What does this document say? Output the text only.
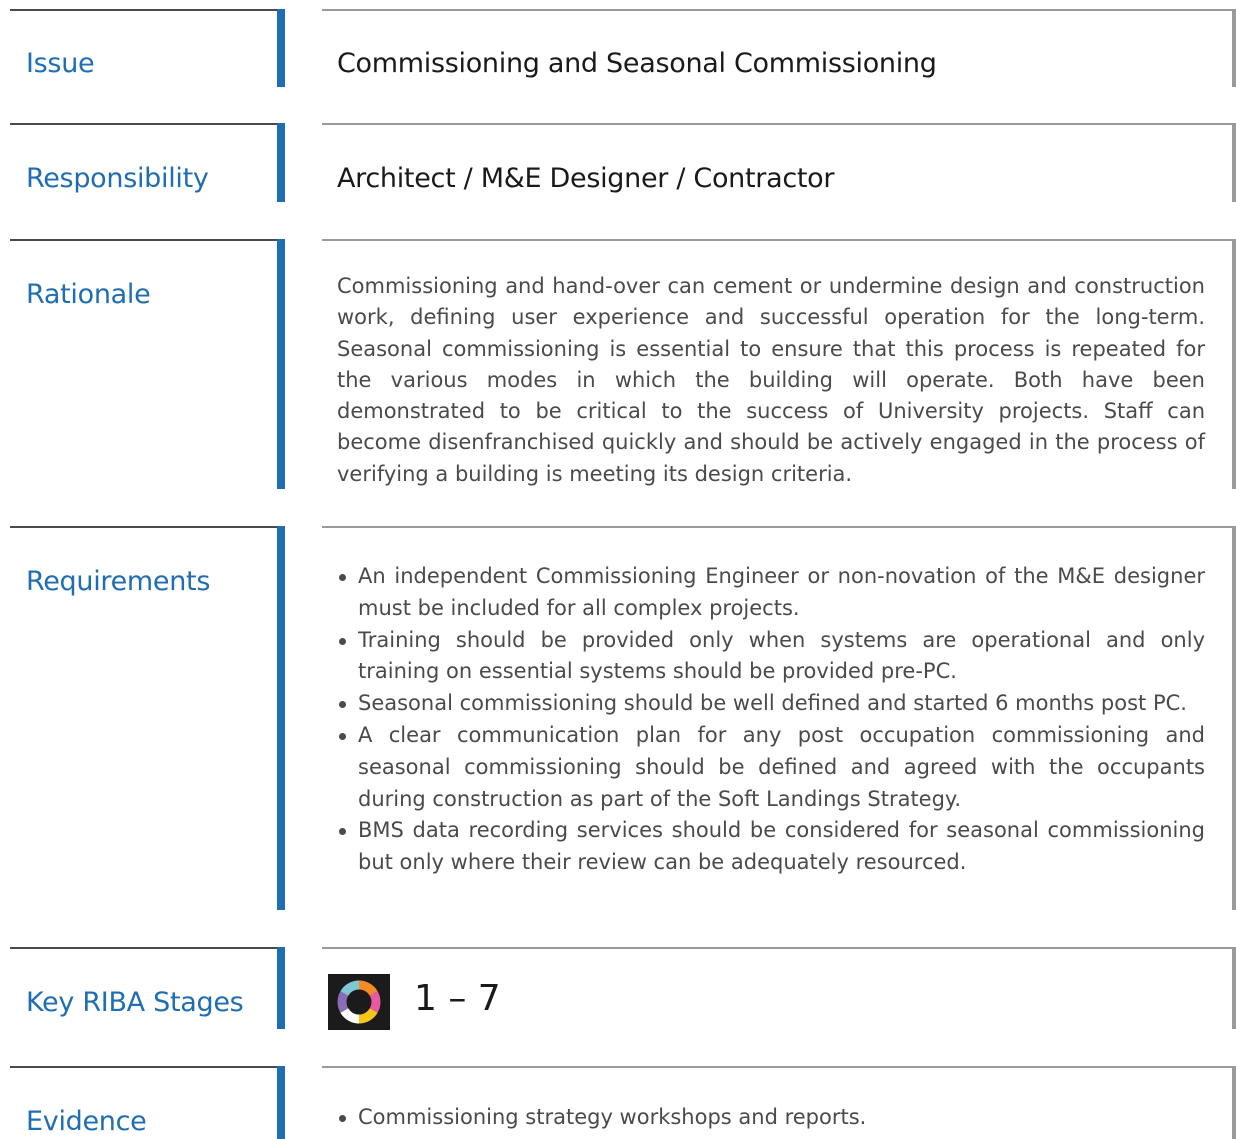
Issue	Commissioning and Seasonal Commissioning
Responsibility	Architect / M&E Designer / Contractor
Rationale	Commissioning and hand-over can cement or undermine design and construction work, defining user experience and successful operation for the long-term. Seasonal commissioning is essential to ensure that this process is repeated for the various modes in which the building will operate. Both have been demonstrated to be critical to the success of University projects. Staff can become disenfranchised quickly and should be actively engaged in the process of verifying a building is meeting its design criteria.

Requirements	An independent Commissioning Engineer or non-novation of the M&E designer must be included for all complex projects.
Training should be provided only when systems are operational and only training on essential systems should be provided pre-PC.
Seasonal commissioning should be well defined and started 6 months post PC.
A clear communication plan for any post occupation commissioning and seasonal commissioning should be defined and agreed with the occupants during construction as part of the Soft Landings Strategy.
BMS data recording services should be considered for seasonal commissioning but only where their review can be adequately resourced.
Key RIBA Stages	1 – 7
Evidence	Commissioning strategy workshops and reports.
